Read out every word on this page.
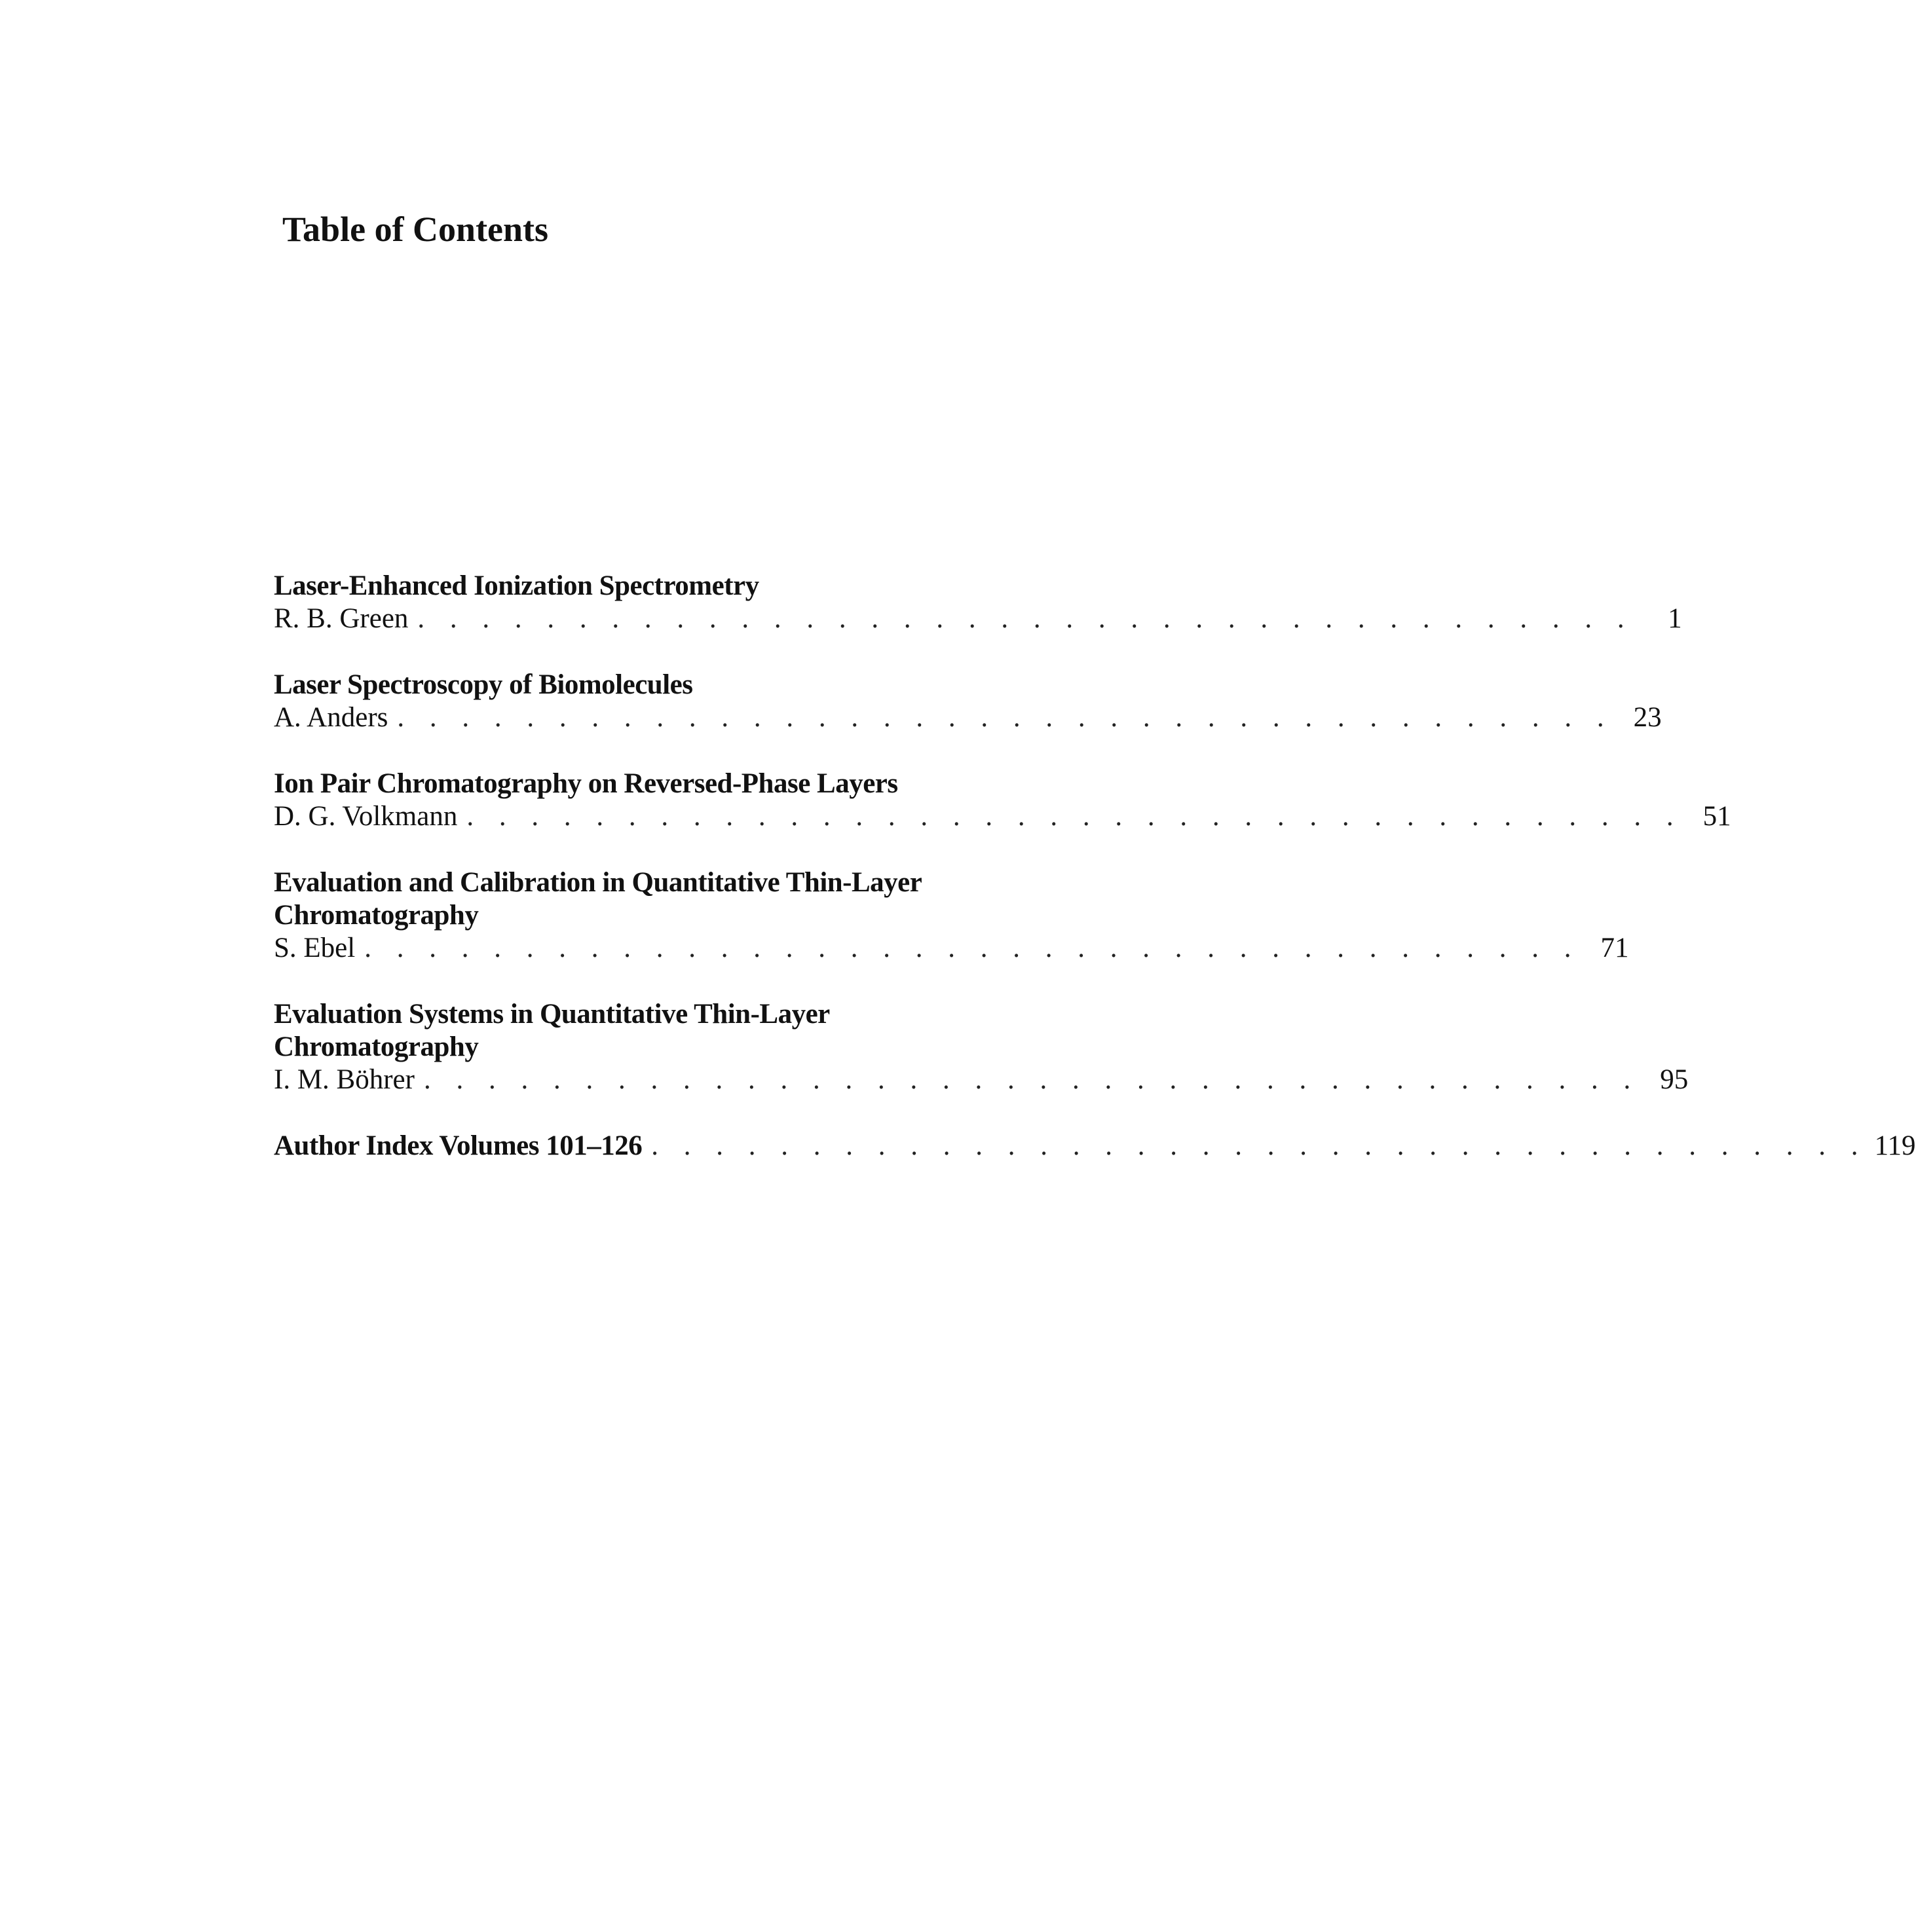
Table of Contents
Laser-Enhanced Ionization Spectrometry
R. B. Green . . . . . . . . . . . . . . . . . . . . . . . . . . . . . . . . . . . . . .	1
Laser Spectroscopy of Biomolecules
A. Anders . . . . . . . . . . . . . . . . . . . . . . . . . . . . . . . . . . . . . . 23
Ion Pair Chromatography on Reversed-Phase Layers
D. G. Volkmann . . . . . . . . . . . . . . . . . . . . . . . . . . . . . . . . . . . . . . 51
Evaluation and Calibration in Quantitative Thin-Layer
Chromatography
S. Ebel . . . . . . . . . . . . . . . . . . . . . . . . . . . . . . . . . . . . . . 71
Evaluation Systems in Quantitative Thin-Layer
Chromatography
I. M. Böhrer . . . . . . . . . . . . . . . . . . . . . . . . . . . . . . . . . . . . . . 95
Author Index Volumes 101–126 . . . . . . . . . . . . . . . . . . . . . . . . . . . . . . . . . . . . . . 119
